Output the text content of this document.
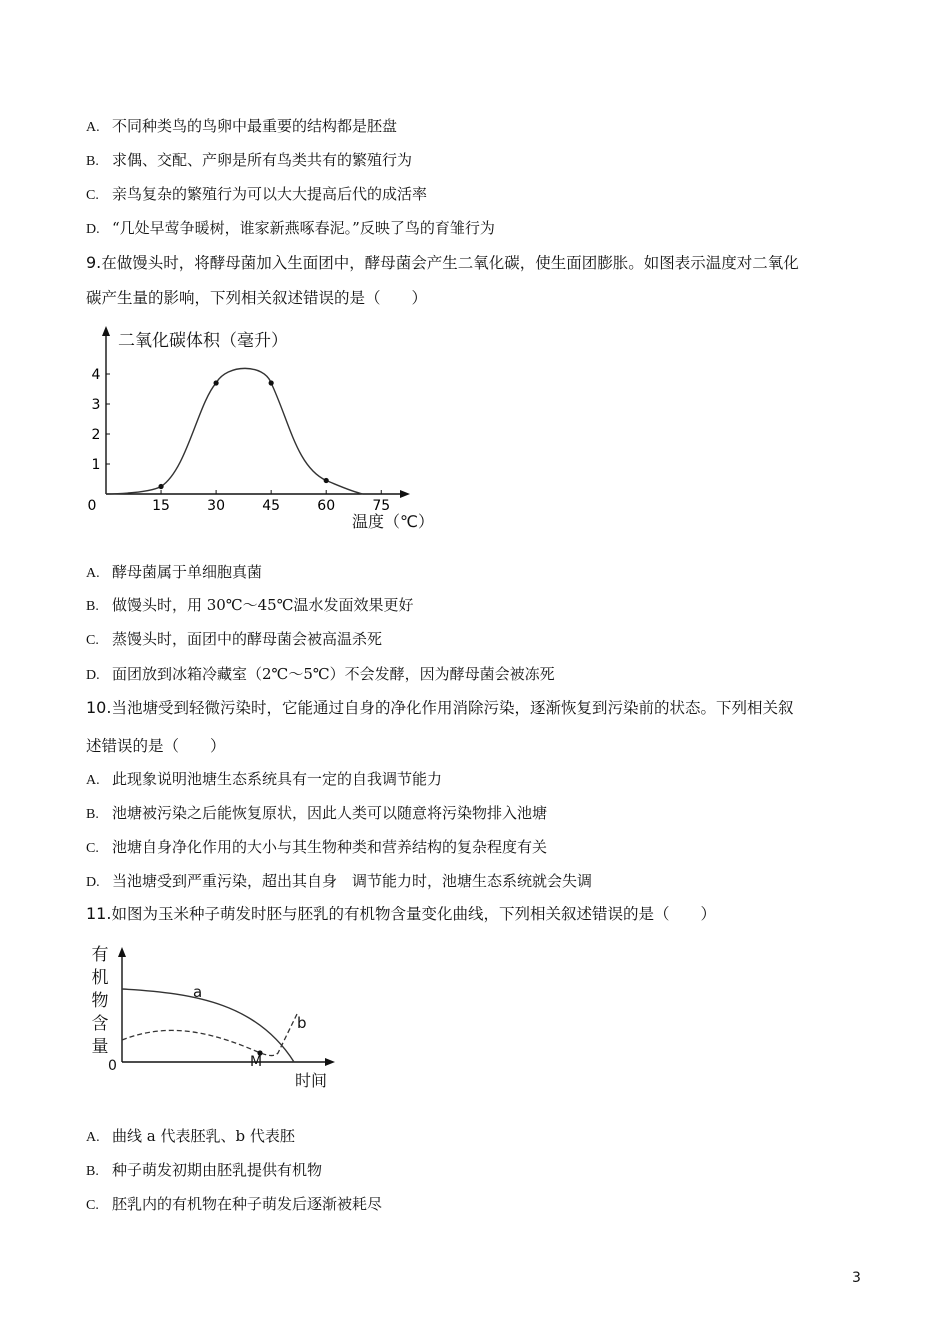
A. 不同种类鸟的鸟卵中最重要的结构都是胚盘
B. 求偶、交配、产卵是所有鸟类共有的繁殖行为
C. 亲鸟复杂的繁殖行为可以大大提高后代的成活率
D. “几处早莺争暖树，谁家新燕啄春泥。”反映了鸟的育雏行为
9.在做馒头时，将酵母菌加入生面团中，酵母菌会产生二氧化碳，使生面团膨胀。如图表示温度对二氧化
碳产生量的影响，下列相关叙述错误的是（　　）
0	15	30	45	60	75
1
2
3
4
二氧化碳体积（毫升）
温度（℃）
A. 酵母菌属于单细胞真菌
B. 做馒头时，用 30℃～45℃温水发面效果更好
C. 蒸馒头时，面团中的酵母菌会被高温杀死
D. 面团放到冰箱冷藏室（2℃～5℃）不会发酵，因为酵母菌会被冻死
10.当池塘受到轻微污染时，它能通过自身的净化作用消除污染，逐渐恢复到污染前的状态。下列相关叙
述错误的是（　　）
A. 此现象说明池塘生态系统具有一定的自我调节能力
B. 池塘被污染之后能恢复原状，因此人类可以随意将污染物排入池塘
C. 池塘自身净化作用的大小与其生物种类和营养结构的复杂程度有关
D. 当池塘受到严重污染，超出其自身　调节能力时，池塘生态系统就会失调
11.如图为玉米种子萌发时胚与胚乳的有机物含量变化曲线，下列相关叙述错误的是（　　）
有
机
物
含
量
0
a
b
M
时间
A. 曲线 a 代表胚乳、b 代表胚
B. 种子萌发初期由胚乳提供有机物
C. 胚乳内的有机物在种子萌发后逐渐被耗尽
3
